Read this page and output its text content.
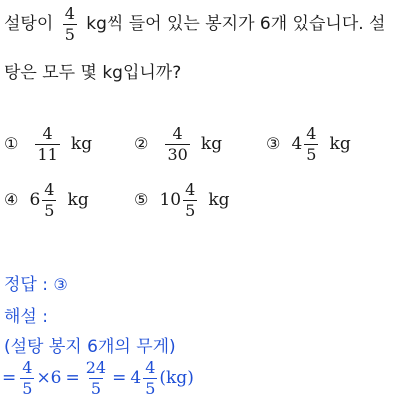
설탕이 $\frac{4}{5}$ kg씩 들어 있는 봉지가 6개 있습니다. 설
탕은 모두 몇 kg입니까?
① $\frac{4}{11}$ kg	② $\frac{4}{30}$ kg	③ $4 \frac{4}{5}$ kg
④ $6 \frac{4}{5}$ kg	⑤ $10 \frac{4}{5}$ kg
정답 : ③
해설 :
(설탕 봉지 6개의 무게)
= $\frac{4}{5} \times 6 = \frac{24}{5} = 4 \frac{4}{5} (kg)$
